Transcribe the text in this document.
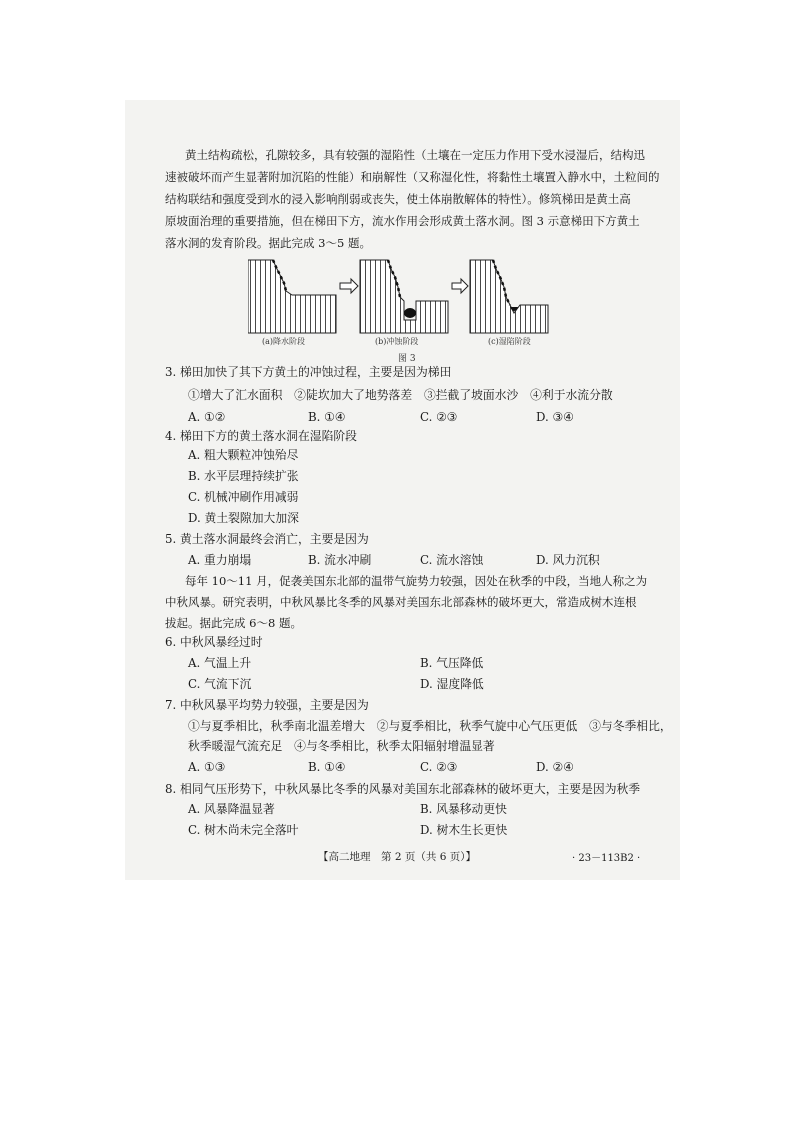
黄土结构疏松，孔隙较多，具有较强的湿陷性（土壤在一定压力作用下受水浸湿后，结构迅
速被破坏而产生显著附加沉陷的性能）和崩解性（又称湿化性，将黏性土壤置入静水中，土粒间的
结构联结和强度受到水的浸入影响削弱或丧失，使土体崩散解体的特性）。修筑梯田是黄土高
原坡面治理的重要措施，但在梯田下方，流水作用会形成黄土落水洞。图 3 示意梯田下方黄土
落水洞的发育阶段。据此完成 3～5 题。
(a)降水阶段	(b)冲蚀阶段	(c)湿陷阶段
图 3
3. 梯田加快了其下方黄土的冲蚀过程，主要是因为梯田
①增大了汇水面积　②陡坎加大了地势落差　③拦截了坡面水沙　④利于水流分散
A. ①②	B. ①④	C. ②③	D. ③④
4. 梯田下方的黄土落水洞在湿陷阶段
A. 粗大颗粒冲蚀殆尽
B. 水平层理持续扩张
C. 机械冲刷作用减弱
D. 黄土裂隙加大加深
5. 黄土落水洞最终会消亡，主要是因为
A. 重力崩塌	B. 流水冲刷	C. 流水溶蚀	D. 风力沉积
每年 10～11 月，促袭美国东北部的温带气旋势力较强，因处在秋季的中段，当地人称之为
中秋风暴。研究表明，中秋风暴比冬季的风暴对美国东北部森林的破坏更大，常造成树木连根
拔起。据此完成 6～8 题。
6. 中秋风暴经过时
A. 气温上升	B. 气压降低
C. 气流下沉	D. 湿度降低
7. 中秋风暴平均势力较强，主要是因为
①与夏季相比，秋季南北温差增大　②与夏季相比，秋季气旋中心气压更低　③与冬季相比，
秋季暖湿气流充足　④与冬季相比，秋季太阳辐射增温显著
A. ①③	B. ①④	C. ②③	D. ②④
8. 相同气压形势下，中秋风暴比冬季的风暴对美国东北部森林的破坏更大，主要是因为秋季
A. 风暴降温显著	B. 风暴移动更快
C. 树木尚未完全落叶	D. 树木生长更快
【高二地理　第 2 页（共 6 页）】	· 23－113B2 ·
